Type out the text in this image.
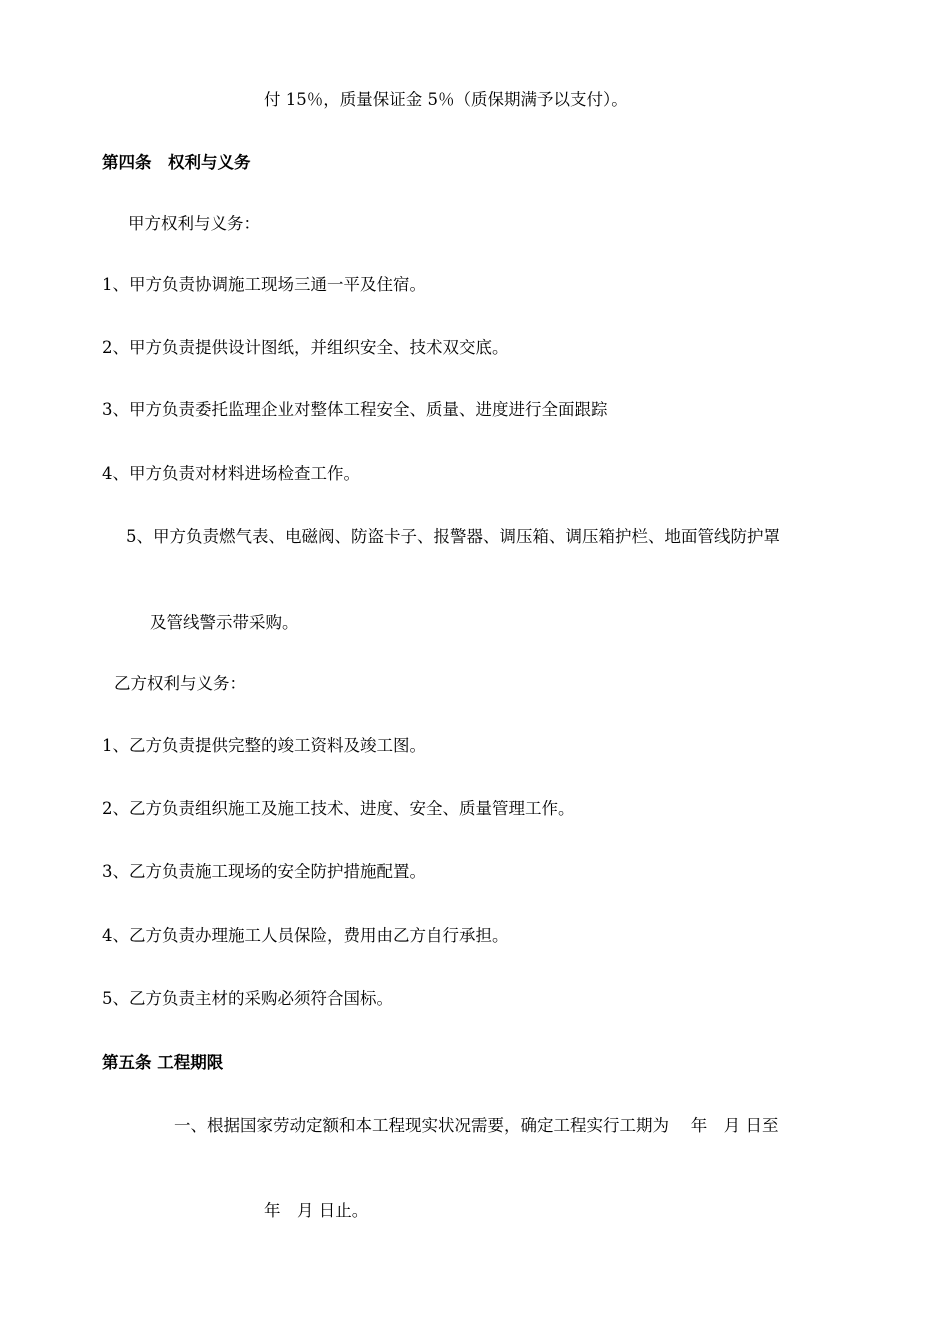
付 15％，质量保证金 5％（质保期满予以支付）。
第四条　权利与义务
甲方权利与义务：
1、甲方负责协调施工现场三通一平及住宿。
2、甲方负责提供设计图纸，并组织安全、技术双交底。
3、甲方负责委托监理企业对整体工程安全、质量、进度进行全面跟踪
4、甲方负责对材料进场检查工作。
5、甲方负责燃气表、电磁阀、防盗卡子、报警器、调压箱、调压箱护栏、地面管线防护罩
及管线警示带采购。
乙方权利与义务：
1、乙方负责提供完整的竣工资料及竣工图。
2、乙方负责组织施工及施工技术、进度、安全、质量管理工作。
3、乙方负责施工现场的安全防护措施配置。
4、乙方负责办理施工人员保险，费用由乙方自行承担。
5、乙方负责主材的采购必须符合国标。
第五条 工程期限
一、根据国家劳动定额和本工程现实状况需要，确定工程实行工期为　 年　月 日至
年　月 日止。
